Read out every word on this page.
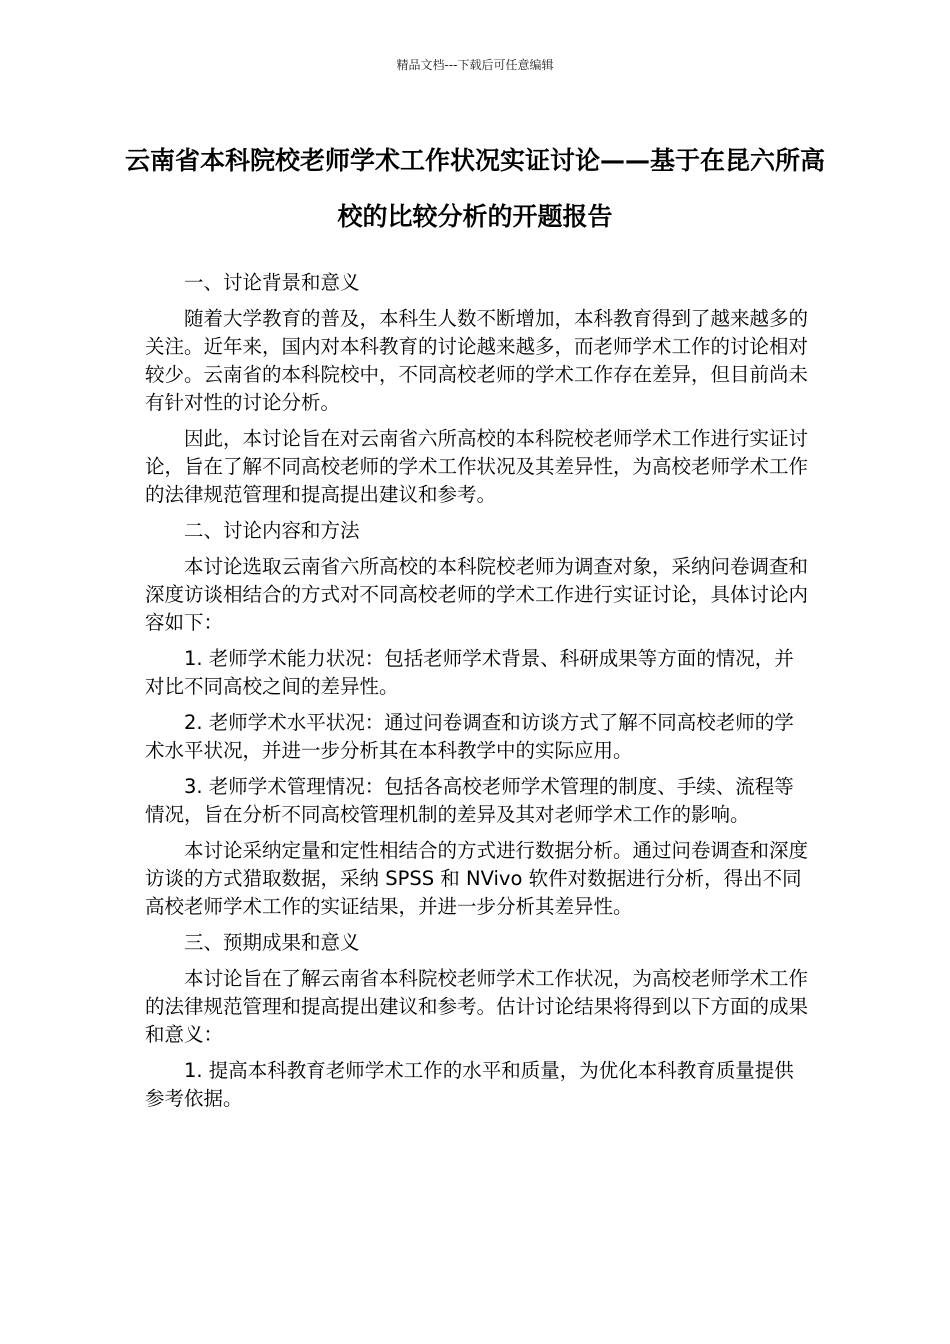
精品文档---下载后可任意编辑
云南省本科院校老师学术工作状况实证讨论——基于在昆六所高校的比较分析的开题报告

一、讨论背景和意义

随着大学教育的普及，本科生人数不断增加，本科教育得到了越来越多的关注。近年来，国内对本科教育的讨论越来越多，而老师学术工作的讨论相对较少。云南省的本科院校中，不同高校老师的学术工作存在差异，但目前尚未有针对性的讨论分析。

因此，本讨论旨在对云南省六所高校的本科院校老师学术工作进行实证讨论，旨在了解不同高校老师的学术工作状况及其差异性，为高校老师学术工作的法律规范管理和提高提出建议和参考。

二、讨论内容和方法

本讨论选取云南省六所高校的本科院校老师为调查对象，采纳问卷调查和深度访谈相结合的方式对不同高校老师的学术工作进行实证讨论，具体讨论内容如下：

1. 老师学术能力状况：包括老师学术背景、科研成果等方面的情况，并对比不同高校之间的差异性。

2. 老师学术水平状况：通过问卷调查和访谈方式了解不同高校老师的学术水平状况，并进一步分析其在本科教学中的实际应用。

3. 老师学术管理情况：包括各高校老师学术管理的制度、手续、流程等情况，旨在分析不同高校管理机制的差异及其对老师学术工作的影响。

本讨论采纳定量和定性相结合的方式进行数据分析。通过问卷调查和深度访谈的方式猎取数据，采纳 SPSS 和 NVivo 软件对数据进行分析，得出不同高校老师学术工作的实证结果，并进一步分析其差异性。

三、预期成果和意义

本讨论旨在了解云南省本科院校老师学术工作状况，为高校老师学术工作的法律规范管理和提高提出建议和参考。估计讨论结果将得到以下方面的成果和意义：

1. 提高本科教育老师学术工作的水平和质量，为优化本科教育质量提供参考依据。
